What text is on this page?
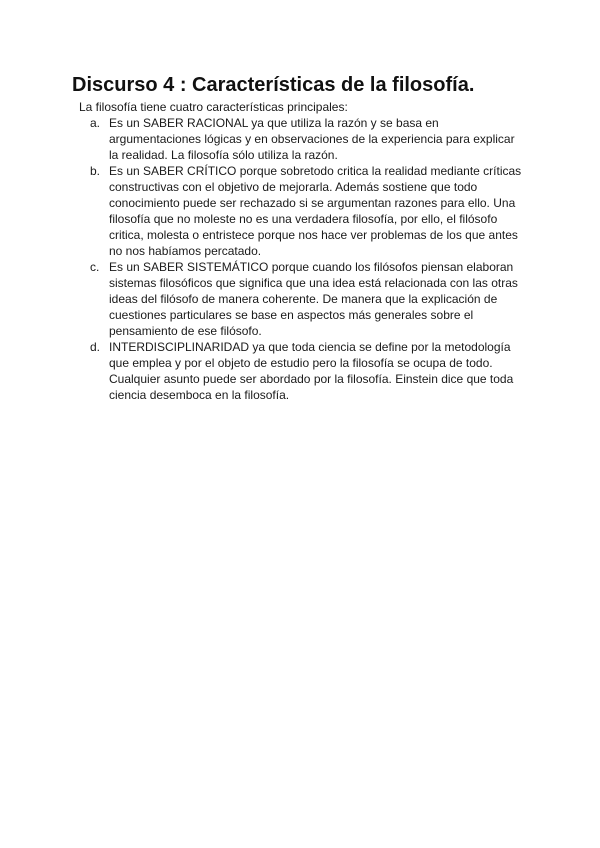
Discurso 4 : Características de la filosofía.

La filosofía tiene cuatro características principales:

a. Es un SABER RACIONAL ya que utiliza la razón y se basa en
argumentaciones lógicas y en observaciones de la experiencia para explicar
la realidad. La filosofía sólo utiliza la razón.
b. Es un SABER CRÍTICO porque sobretodo critica la realidad mediante críticas
constructivas con el objetivo de mejorarla. Además sostiene que todo
conocimiento puede ser rechazado si se argumentan razones para ello. Una
filosofía que no moleste no es una verdadera filosofía, por ello, el filósofo
critica, molesta o entristece porque nos hace ver problemas de los que antes
no nos habíamos percatado.
c. Es un SABER SISTEMÁTICO porque cuando los filósofos piensan elaboran
sistemas filosóficos que significa que una idea está relacionada con las otras
ideas del filósofo de manera coherente. De manera que la explicación de
cuestiones particulares se base en aspectos más generales sobre el
pensamiento de ese filósofo.
d. INTERDISCIPLINARIDAD ya que toda ciencia se define por la metodología
que emplea y por el objeto de estudio pero la filosofía se ocupa de todo.
Cualquier asunto puede ser abordado por la filosofía. Einstein dice que toda
ciencia desemboca en la filosofía.
